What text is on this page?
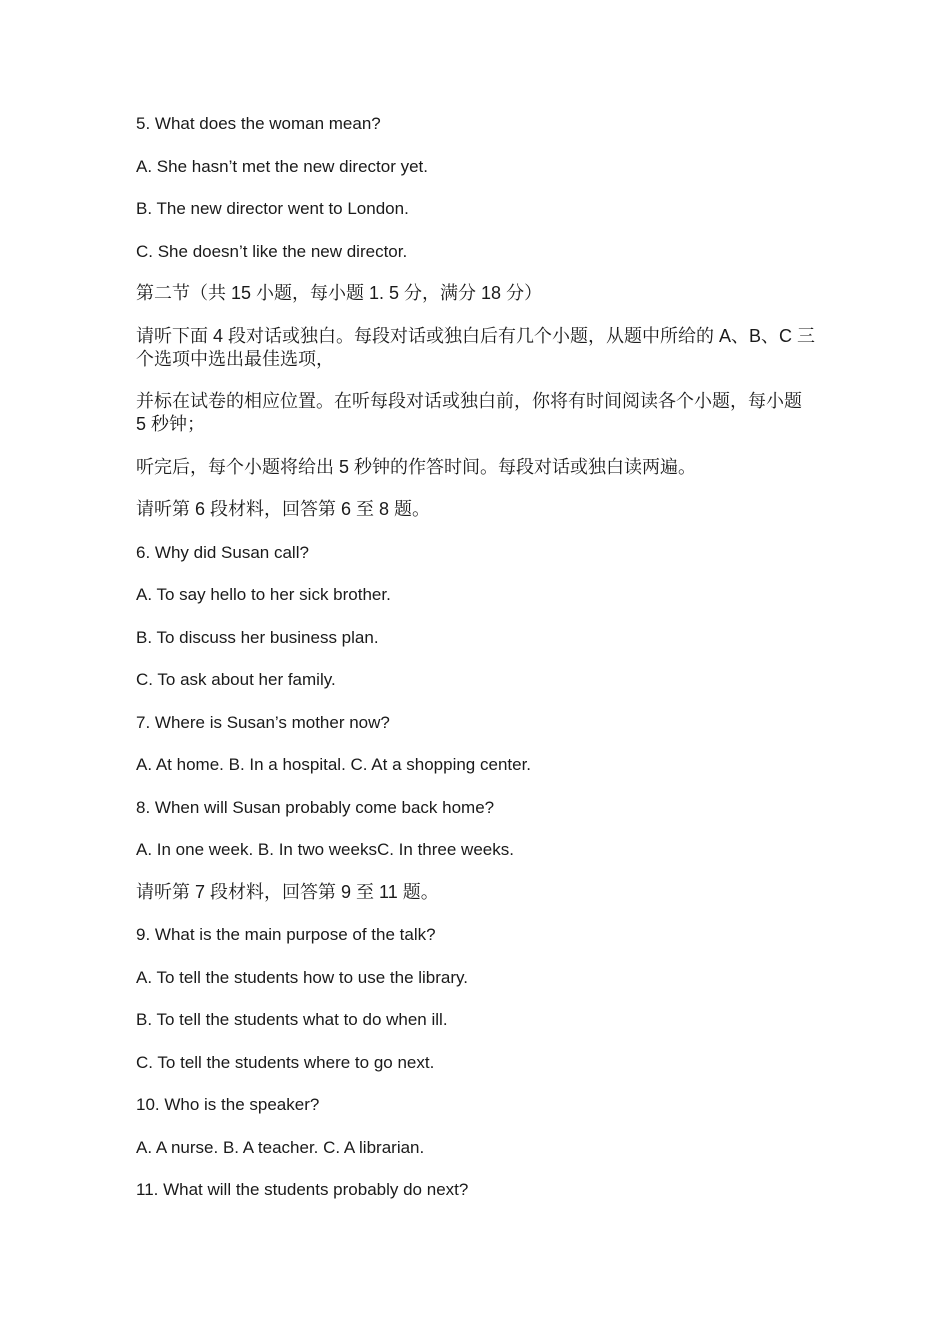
5. What does the woman mean?

A. She hasn’t met the new director yet.

B. The new director went to London.

C. She doesn’t like the new director.

第二节（共 15 小题，每小题 1. 5 分，满分 18 分）

请听下面 4 段对话或独白。每段对话或独白后有几个小题，从题中所给的 A、B、C 三个选项中选出最佳选项，

并标在试卷的相应位置。在听每段对话或独白前，你将有时间阅读各个小题，每小题 5 秒钟；

听完后，每个小题将给出 5 秒钟的作答时间。每段对话或独白读两遍。

请听第 6 段材料，回答第 6 至 8 题。

6. Why did Susan call?

A. To say hello to her sick brother.

B. To discuss her business plan.

C. To ask about her family.

7. Where is Susan’s mother now?

A. At home. B. In a hospital. C. At a shopping center.

8. When will Susan probably come back home?

A. In one week. B. In two weeksC. In three weeks.

请听第 7 段材料，回答第 9 至 11 题。

9. What is the main purpose of the talk?

A. To tell the students how to use the library.

B. To tell the students what to do when ill.

C. To tell the students where to go next.

10. Who is the speaker?

A. A nurse. B. A teacher. C. A librarian.

11. What will the students probably do next?
